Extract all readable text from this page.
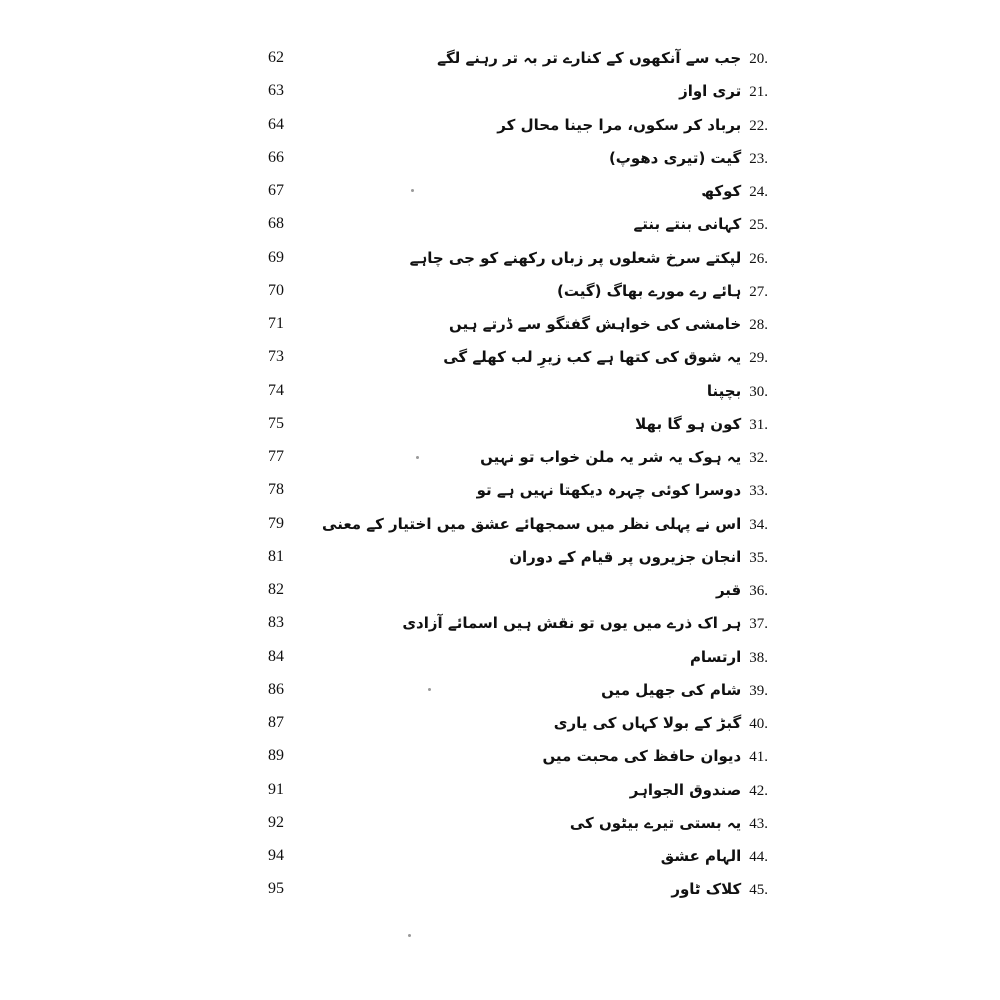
62	20.جب سے آنکھوں کے کنارے تر بہ تر رہنے لگے
63	21.تری اواز
64	22.برباد کر سکوں، مرا جینا محال کر
66	23.گیت (تیری دھوپ)
67	24.کوکھ
68	25.کہانی بنتے بنتے
69	26.لپکتے سرخ شعلوں پر زباں رکھنے کو جی چاہے
70	27.ہائے رے مورے بھاگ (گیت)
71	28.خامشی کی خواہش گفتگو سے ڈرتے ہیں
73	29.یہ شوق کی کتھا ہے کب زیرِ لب کھلے گی
74	30.بچپنا
75	31.کون ہو گا بھلا
77	32.یہ ہوک یہ شر یہ ملن خواب تو نہیں
78	33.دوسرا کوئی چہرہ دیکھتا نہیں ہے تو
79	34.اس نے پہلی نظر میں سمجھائے عشق میں اختیار کے معنی
81	35.انجان جزیروں پر قیام کے دوران
82	36.قبر
83	37.ہر اک ذرے میں یوں تو نقش ہیں اسمائے آزادی
84	38.ارتسام
86	39.شام کی جھیل میں
87	40.گبڑ کے بولا کہاں کی یاری
89	41.دیوان حافظ کی محبت میں
91	42.صندوق الجواہر
92	43.یہ بستی تیرے بیٹوں کی
94	44.الہام عشق
95	45.کلاک ٹاور
